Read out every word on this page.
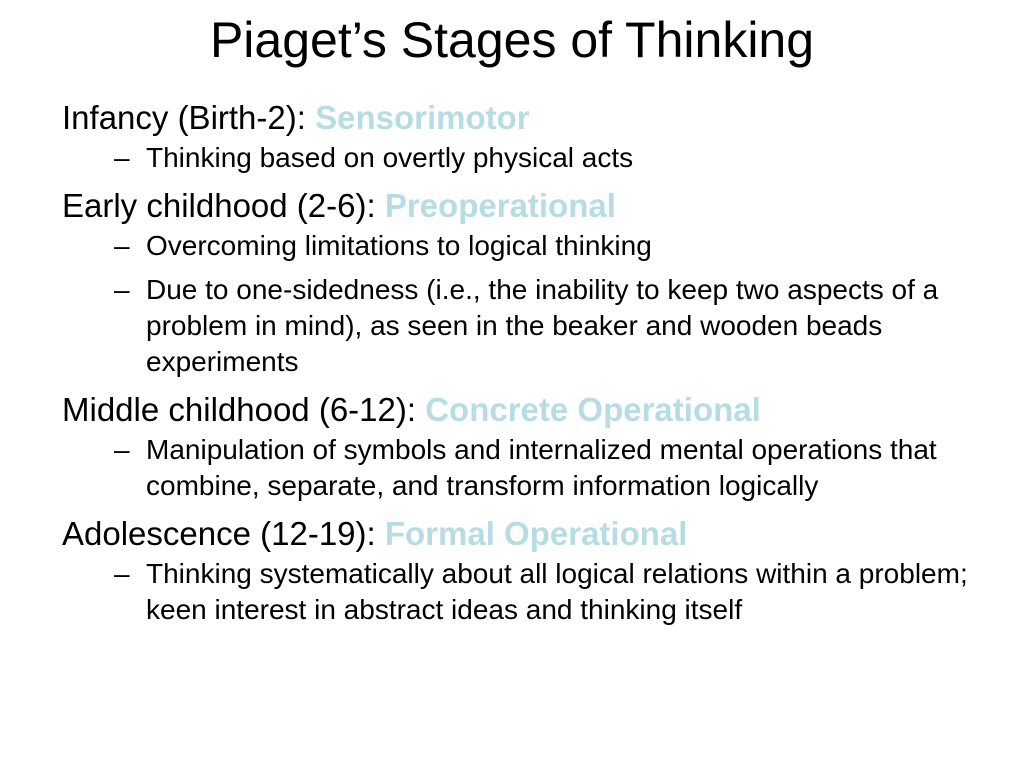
Piaget’s Stages of Thinking

Infancy (Birth-2): Sensorimotor

– Thinking based on overtly physical acts

Early childhood (2-6): Preoperational

– Overcoming limitations to logical thinking
– Due to one-sidedness (i.e., the inability to keep two aspects of a problem in mind), as seen in the beaker and wooden beads experiments

Middle childhood (6-12): Concrete Operational

– Manipulation of symbols and internalized mental operations that combine, separate, and transform information logically

Adolescence (12-19): Formal Operational

– Thinking systematically about all logical relations within a problem; keen interest in abstract ideas and thinking itself
